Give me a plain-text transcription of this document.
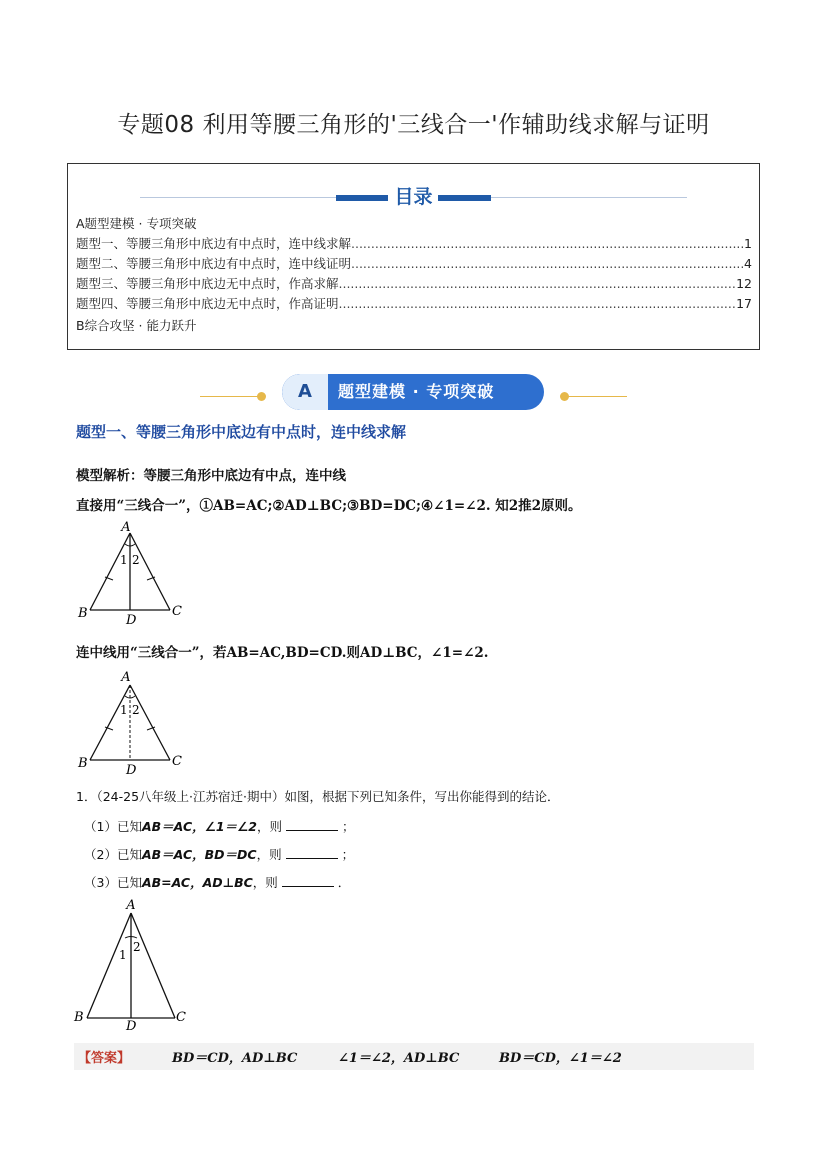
专题08 利用等腰三角形的'三线合一'作辅助线求解与证明
目录
A题型建模 · 专项突破
题型一、等腰三角形中底边有中点时，连中线求解 .....	1
题型二、等腰三角形中底边有中点时，连中线证明 .....	4
题型三、等腰三角形中底边无中点时，作高求解 .....	12
题型四、等腰三角形中底边无中点时，作高证明 .....	17
B综合攻坚 · 能力跃升
A	题型建模 · 专项突破
题型一、等腰三角形中底边有中点时，连中线求解
模型解析：等腰三角形中底边有中点，连中线
直接用“三线合一”，①AB=AC;②AD⊥BC;③BD=DC;④∠1=∠2. 知2推2原则。
A
B	C
D
1 2
连中线用“三线合一”，若AB=AC,BD=CD.则AD⊥BC，∠1=∠2.
A
B	C
D
1 2
1．（24-25八年级上·江苏宿迁·期中）如图，根据下列已知条件，写出你能得到的结论．
（1）已知AB＝AC，∠1＝∠2，则	；
（2）已知AB＝AC，BD＝DC，则	；
（3）已知AB=AC，AD⊥BC，则	．
A
B	C
D
1
2
【答案】	BD＝CD，AD⊥BC	∠1＝∠2，AD⊥BC	BD＝CD，∠1＝∠2
